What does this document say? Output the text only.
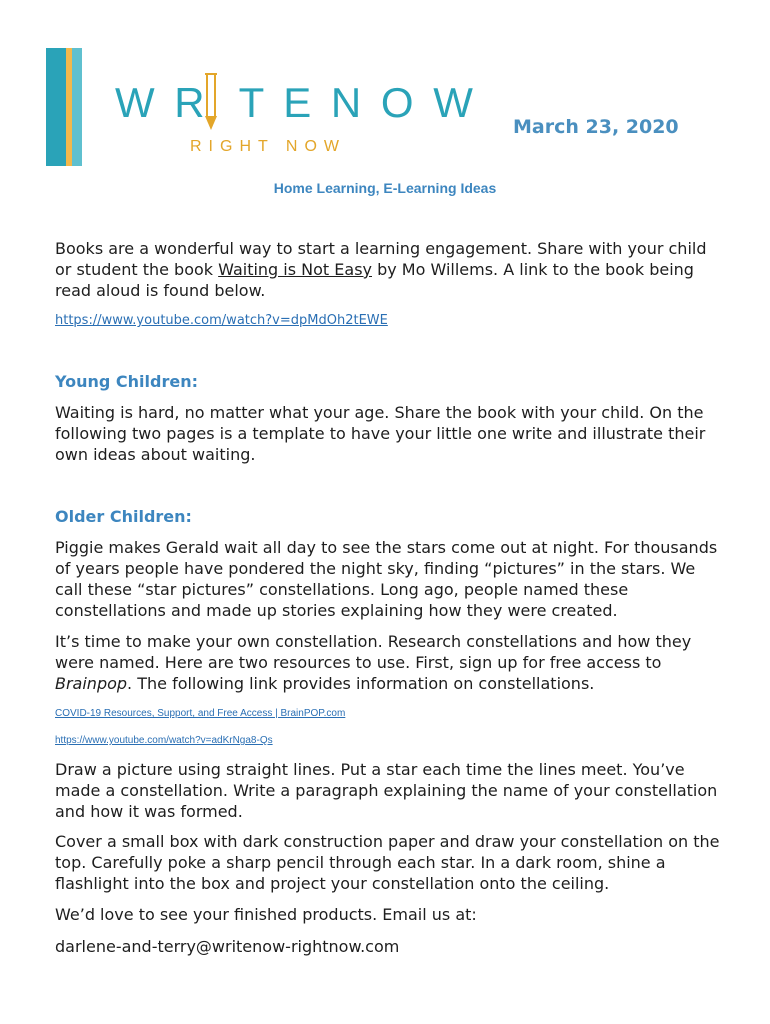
W R T E N O W
RIGHT NOW
March 23, 2020
Home Learning, E-Learning Ideas
Books are a wonderful way to start a learning engagement. Share with your child or student the book Waiting is Not Easy by Mo Willems. A link to the book being read aloud is found below.
https://www.youtube.com/watch?v=dpMdOh2tEWE
Young Children:
Waiting is hard, no matter what your age. Share the book with your child. On the following two pages is a template to have your little one write and illustrate their own ideas about waiting.
Older Children:
Piggie makes Gerald wait all day to see the stars come out at night. For thousands of years people have pondered the night sky, finding “pictures” in the stars. We call these “star pictures” constellations. Long ago, people named these constellations and made up stories explaining how they were created.
It’s time to make your own constellation. Research constellations and how they were named. Here are two resources to use. First, sign up for free access to Brainpop. The following link provides information on constellations.
COVID-19 Resources, Support, and Free Access | BrainPOP.com
https://www.youtube.com/watch?v=adKrNga8-Qs
Draw a picture using straight lines. Put a star each time the lines meet. You’ve made a constellation. Write a paragraph explaining the name of your constellation and how it was formed.
Cover a small box with dark construction paper and draw your constellation on the top. Carefully poke a sharp pencil through each star. In a dark room, shine a flashlight into the box and project your constellation onto the ceiling.
We’d love to see your finished products. Email us at:
darlene-and-terry@writenow-rightnow.com
